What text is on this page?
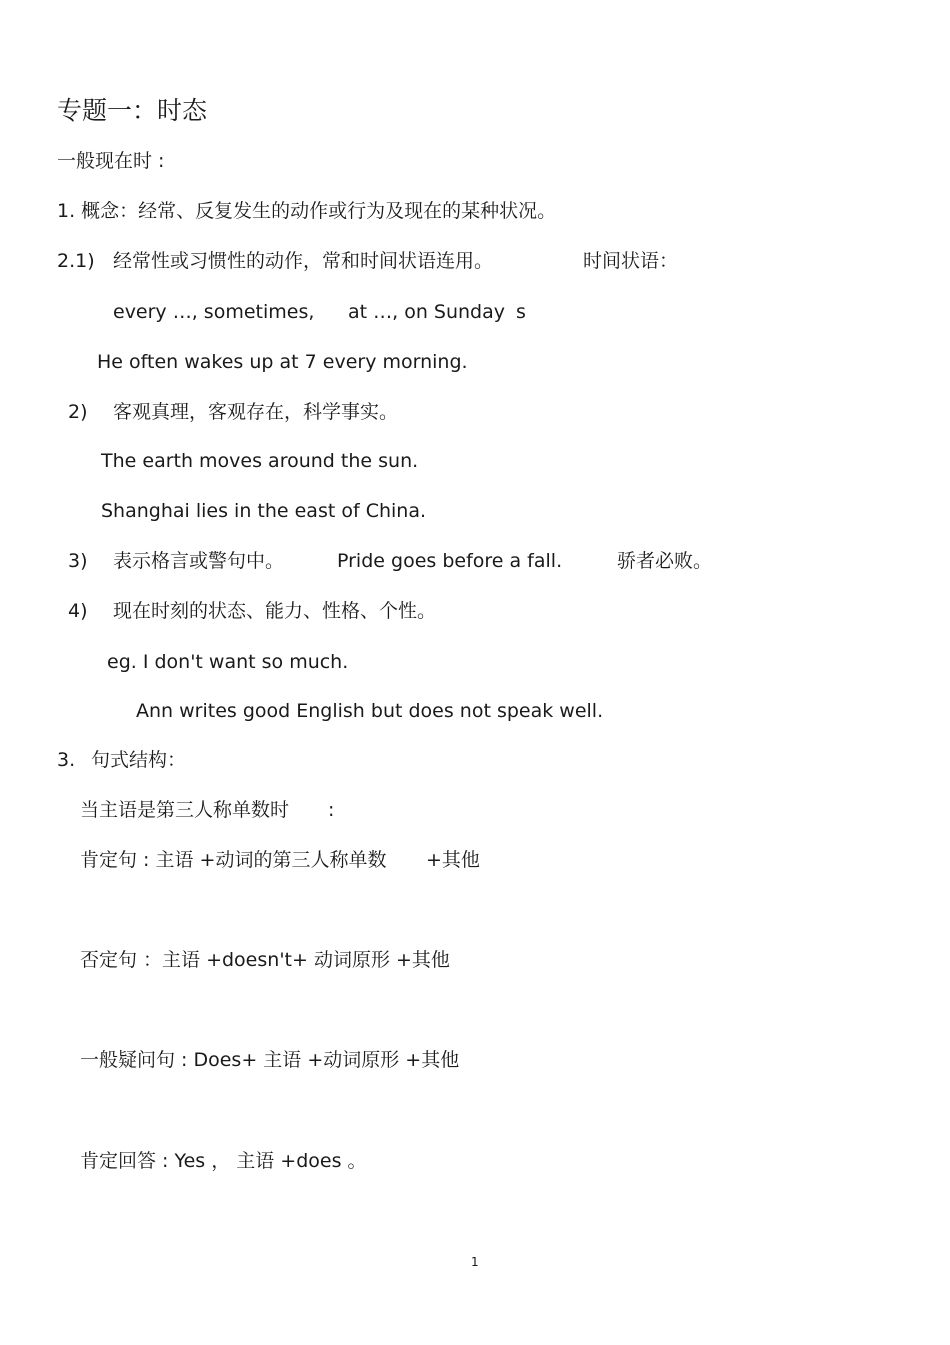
专题一：时态
一般现在时 :
1. 概念：经常、反复发生的动作或行为及现在的某种状况。
2.1) 经常性或习惯性的动作，常和时间状语连用。	时间状语：
every …, sometimes, at …, on Sunday s
He often wakes up at 7 every morning.
2) 客观真理，客观存在，科学事实。
The earth moves around the sun.
Shanghai lies in the east of China.
3) 表示格言或警句中。	Pride goes before a fall.	骄者必败。
4) 现在时刻的状态、能力、性格、个性。
eg. I don't want so much.
Ann writes good English but does not speak well.
3. 句式结构：
当主语是第三人称单数时 :
肯定句 : 主语 +动词的第三人称单数 +其他
否定句 ：主语 +doesn't+ 动词原形 +其他
一般疑问句 : Does+ 主语 +动词原形 +其他
肯定回答 : Yes ， 主语 +does 。
1
